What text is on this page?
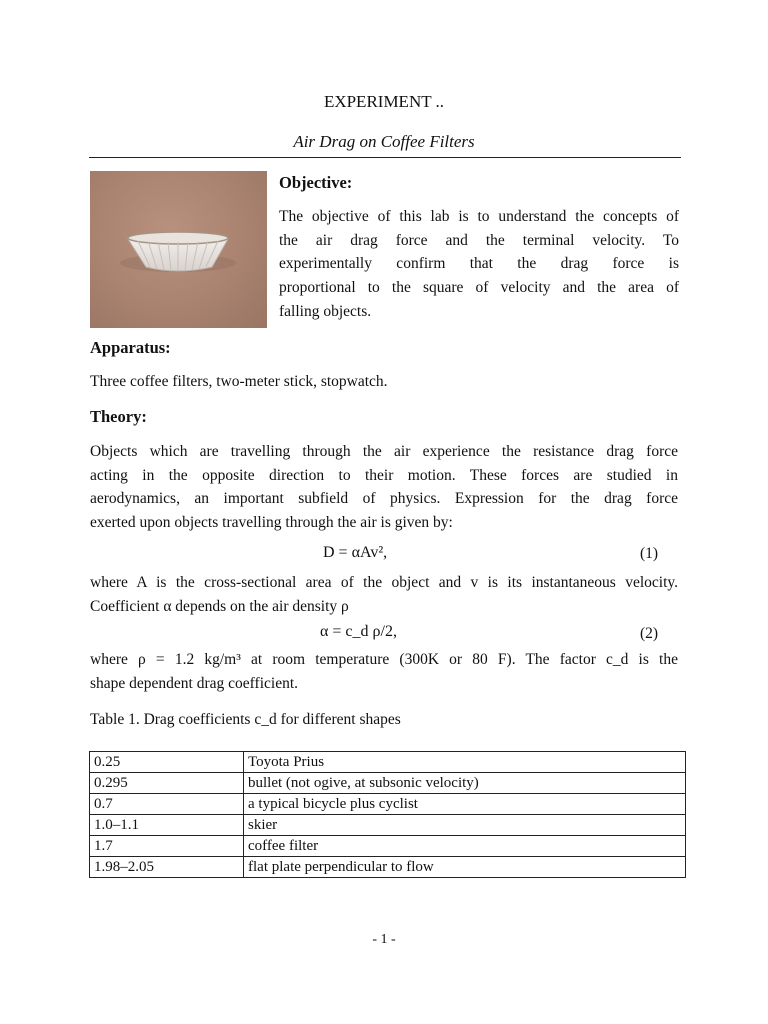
EXPERIMENT ..
Air Drag on Coffee Filters
Objective:
The objective of this lab is to understand the concepts of
the air drag force and the terminal velocity. To
experimentally confirm that the drag force is
proportional to the square of velocity and the area of
falling objects.
Apparatus:
Three coffee filters, two-meter stick, stopwatch.
Theory:
Objects which are travelling through the air experience the resistance drag force
acting in the opposite direction to their motion. These forces are studied in
aerodynamics, an important subfield of physics. Expression for the drag force
exerted upon objects travelling through the air is given by:
D = αAv²,	(1)
where A is the cross-sectional area of the object and v is its instantaneous velocity.
Coefficient α depends on the air density ρ
α = c_d ρ/2,	(2)
where ρ = 1.2 kg/m³ at room temperature (300K or 80 F). The factor c_d is the
shape dependent drag coefficient.
Table 1. Drag coefficients c_d for different shapes
0.25	Toyota Prius
0.295	bullet (not ogive, at subsonic velocity)
0.7	a typical bicycle plus cyclist
1.0–1.1	skier
1.7	coffee filter
1.98–2.05	flat plate perpendicular to flow
- 1 -
